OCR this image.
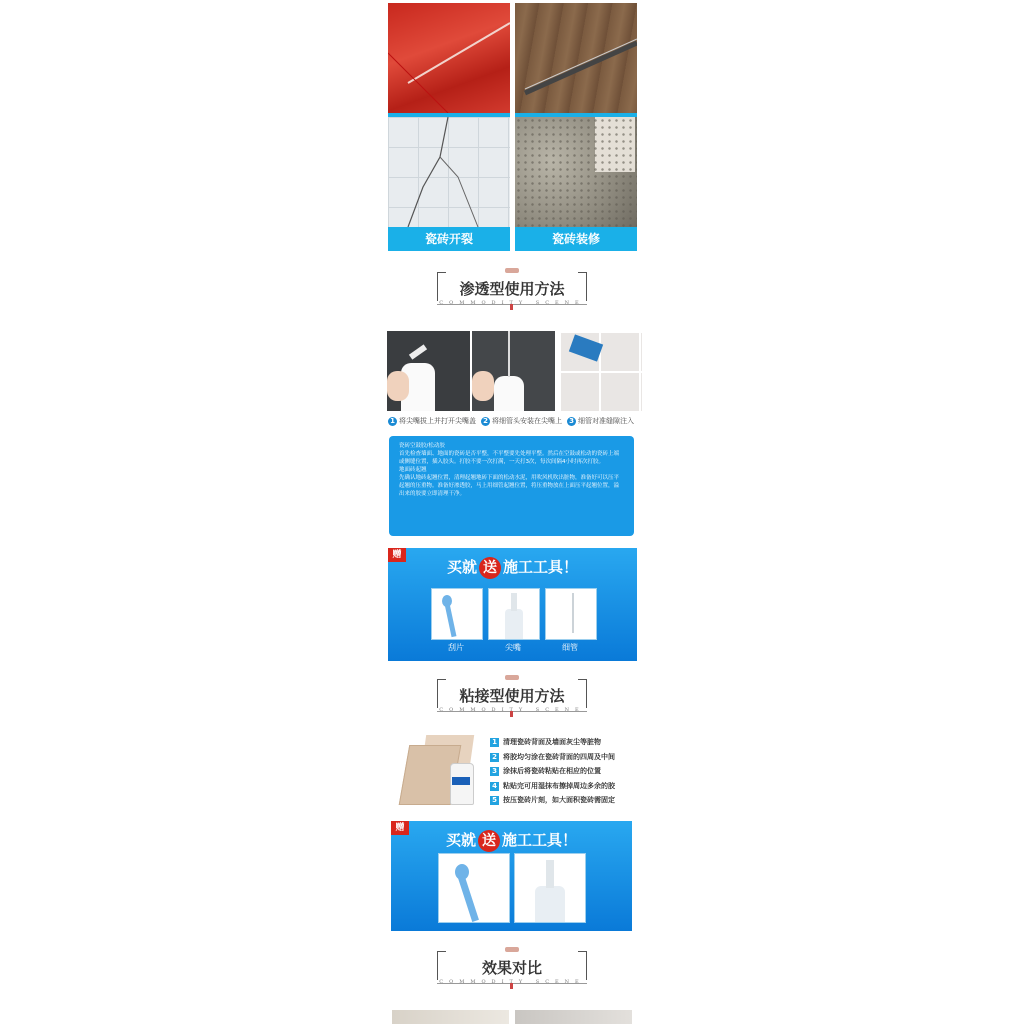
瓷砖开裂	瓷砖装修
渗透型使用方法
COMMODITY SCENE
1 将尖嘴拔上并打开尖嘴盖 2 将细管头安装在尖嘴上 3 细管对准缝隙注入

瓷砖空鼓胶/松动胶

首先检查墙面、地面的瓷砖是否平整，不平整要先处理平整。然后在空鼓或松动的瓷砖上端或侧缝位置，插入胶头。打胶不要一次打满，一天打3次，每次间隔4小时再次打胶。

地面砖起翘

先确认地砖起翘位置，清理起翘地砖下面的松动水泥，用吹风机吹出脏物，准备好可以压平起翘的压重物。准备好渗透胶，马上用细管起翘位置，将压重物放在上面压平起翘位置，溢出来的胶要立即清理干净。

赠
买就 送 施工工具！
刮片	尖嘴	细管
粘接型使用方法
COMMODITY SCENE
1 清理瓷砖背面及墙面灰尘等脏物
2 将胶均匀涂在瓷砖背面的四周及中间
3 涂抹后将瓷砖粘贴在相应的位置
4 粘贴完可用湿抹布擦掉周边多余的胶
5 按压瓷砖片刻，如大面积瓷砖需固定
赠
买就 送 施工工具！
效果对比
COMMODITY SCENE
